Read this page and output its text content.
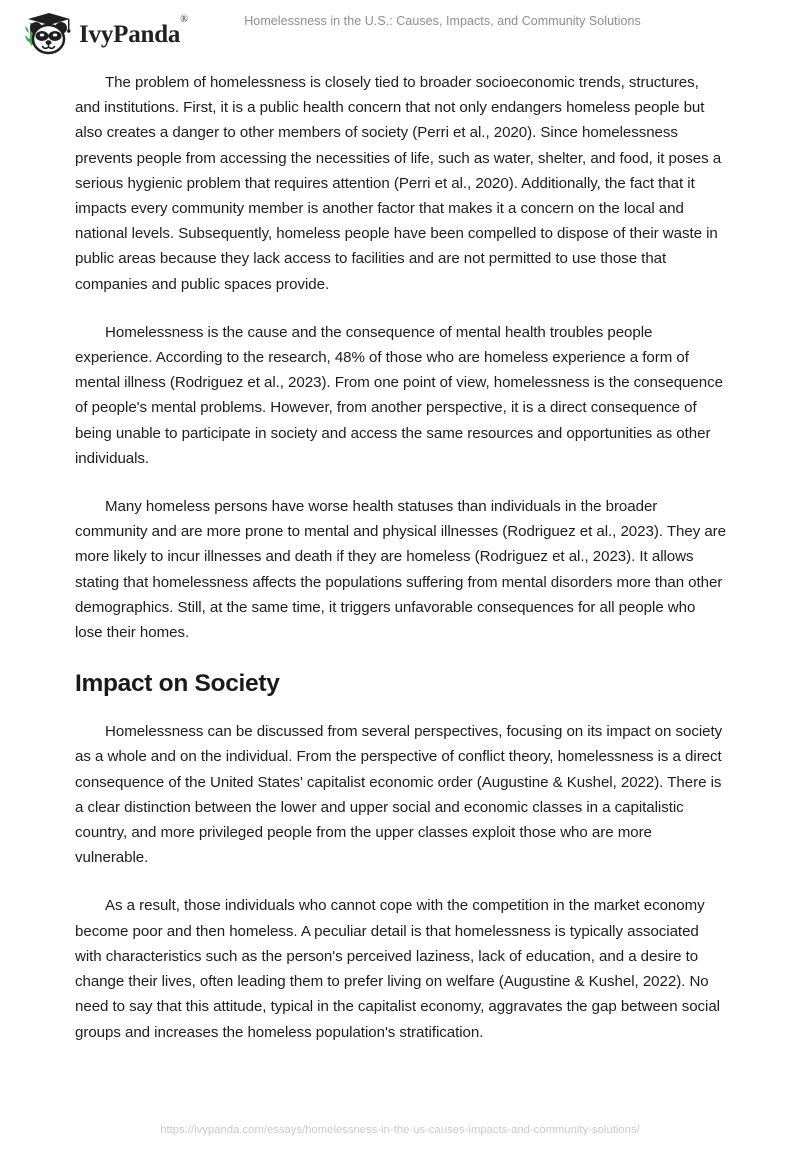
IvyPanda®	Homelessness in the U.S.: Causes, Impacts, and Community Solutions

The problem of homelessness is closely tied to broader socioeconomic trends, structures, and institutions. First, it is a public health concern that not only endangers homeless people but also creates a danger to other members of society (Perri et al., 2020). Since homelessness prevents people from accessing the necessities of life, such as water, shelter, and food, it poses a serious hygienic problem that requires attention (Perri et al., 2020). Additionally, the fact that it impacts every community member is another factor that makes it a concern on the local and national levels. Subsequently, homeless people have been compelled to dispose of their waste in public areas because they lack access to facilities and are not permitted to use those that companies and public spaces provide.

Homelessness is the cause and the consequence of mental health troubles people experience. According to the research, 48% of those who are homeless experience a form of mental illness (Rodriguez et al., 2023). From one point of view, homelessness is the consequence of people's mental problems. However, from another perspective, it is a direct consequence of being unable to participate in society and access the same resources and opportunities as other individuals.

Many homeless persons have worse health statuses than individuals in the broader community and are more prone to mental and physical illnesses (Rodriguez et al., 2023). They are more likely to incur illnesses and death if they are homeless (Rodriguez et al., 2023). It allows stating that homelessness affects the populations suffering from mental disorders more than other demographics. Still, at the same time, it triggers unfavorable consequences for all people who lose their homes.

Impact on Society

Homelessness can be discussed from several perspectives, focusing on its impact on society as a whole and on the individual. From the perspective of conflict theory, homelessness is a direct consequence of the United States' capitalist economic order (Augustine & Kushel, 2022). There is a clear distinction between the lower and upper social and economic classes in a capitalistic country, and more privileged people from the upper classes exploit those who are more vulnerable.

As a result, those individuals who cannot cope with the competition in the market economy become poor and then homeless. A peculiar detail is that homelessness is typically associated with characteristics such as the person's perceived laziness, lack of education, and a desire to change their lives, often leading them to prefer living on welfare (Augustine & Kushel, 2022). No need to say that this attitude, typical in the capitalist economy, aggravates the gap between social groups and increases the homeless population's stratification.

https://ivypanda.com/essays/homelessness-in-the-us-causes-impacts-and-community-solutions/
